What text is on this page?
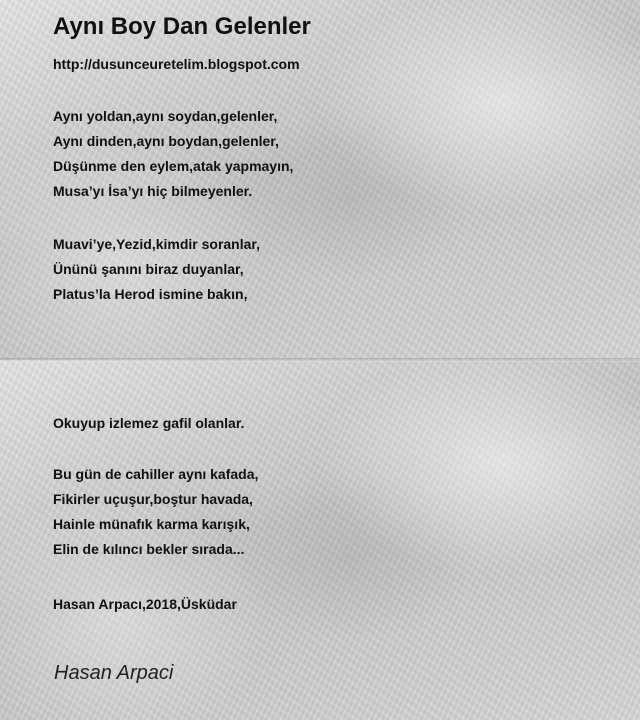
Aynı Boy Dan Gelenler
http://dusunceuretelim.blogspot.com
Aynı yoldan,aynı soydan,gelenler,
Aynı dinden,aynı boydan,gelenler,
Düşünme den eylem,atak yapmayın,
Musa’yı İsa’yı hiç bilmeyenler.
Muavi’ye,Yezid,kimdir soranlar,
Ününü şanını biraz duyanlar,
Platus’la Herod ismine bakın,
Okuyup izlemez gafil olanlar.
Bu gün de cahiller aynı kafada,
Fikirler uçuşur,boştur havada,
Hainle münafık karma karışık,
Elin de kılıncı bekler sırada...
Hasan Arpacı,2018,Üsküdar
Hasan Arpaci
